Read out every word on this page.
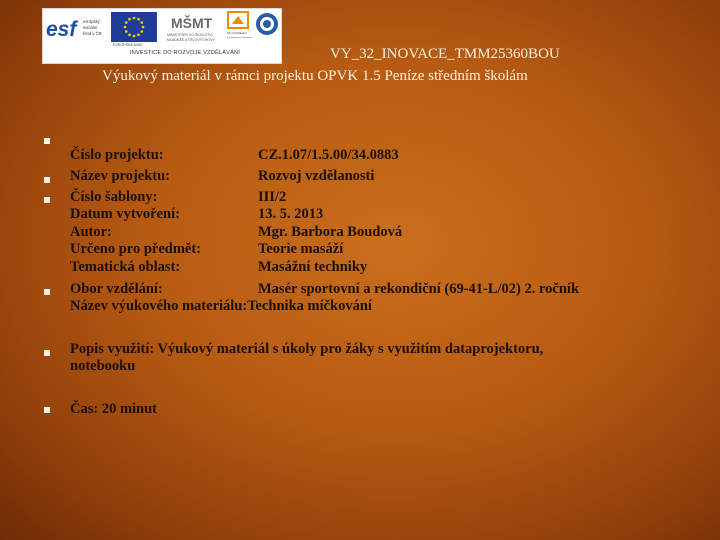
esf	evropský
sociální
fond v ČR
EVROPSKÁ UNIE
MŠMT
MINISTERSTVO ŠKOLSTVÍ,
MLÁDEŽE A TĚLOVÝCHOVY
OP Vzdělávání
pro konkurenceschopnost
INVESTICE DO ROZVOJE VZDĚLÁVÁNÍ	VY_32_INOVACE_TMM25360BOU
Výukový materiál v rámci projektu OPVK 1.5 Peníze středním školám
Číslo projektu:	CZ.1.07/1.5.00/34.0883
Název projektu:	Rozvoj vzdělanosti
Číslo šablony:	III/2
Datum vytvoření:	13. 5. 2013
Autor:	Mgr. Barbora Boudová
Určeno pro předmět:	Teorie masáží
Tematická oblast:	Masážní techniky
Obor vzdělání:	Masér sportovní a rekondiční (69-41-L/02) 2. ročník
Název výukového materiálu:Technika míčkování
Popis využití: Výukový materiál s úkoly pro žáky s využitím dataprojektoru,
notebooku
Čas: 20 minut
